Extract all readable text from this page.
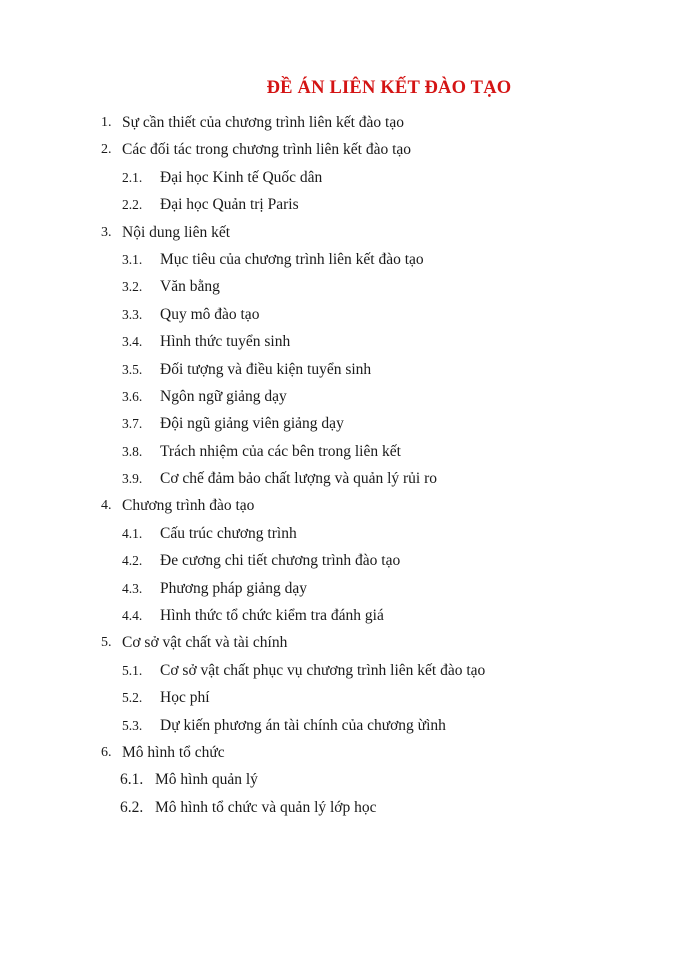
ĐỀ ÁN LIÊN KẾT ĐÀO TẠO
1. Sự cần thiết của chương trình liên kết đào tạo
2. Các đối tác trong chương trình liên kết đào tạo
2.1. Đại học Kinh tế Quốc dân
2.2. Đại học Quản trị Paris
3. Nội dung liên kết
3.1. Mục tiêu của chương trình liên kết đào tạo
3.2. Văn bằng
3.3. Quy mô đào tạo
3.4. Hình thức tuyển sinh
3.5. Đối tượng và điều kiện tuyển sinh
3.6. Ngôn ngữ giảng dạy
3.7. Đội ngũ giảng viên giảng dạy
3.8. Trách nhiệm của các bên trong liên kết
3.9. Cơ chế đảm bảo chất lượng và quản lý rủi ro
4. Chương trình đào tạo
4.1. Cấu trúc chương trình
4.2. Đe cương chi tiết chương trình đào tạo
4.3. Phương pháp giảng dạy
4.4. Hình thức tổ chức kiểm tra đánh giá
5. Cơ sở vật chất và tài chính
5.1. Cơ sở vật chất phục vụ chương trình liên kết đào tạo
5.2. Học phí
5.3. Dự kiến phương án tài chính của chương ừình
6. Mô hình tổ chức
6.1. Mô hình quản lý
6.2. Mô hình tổ chức và quản lý lớp học
